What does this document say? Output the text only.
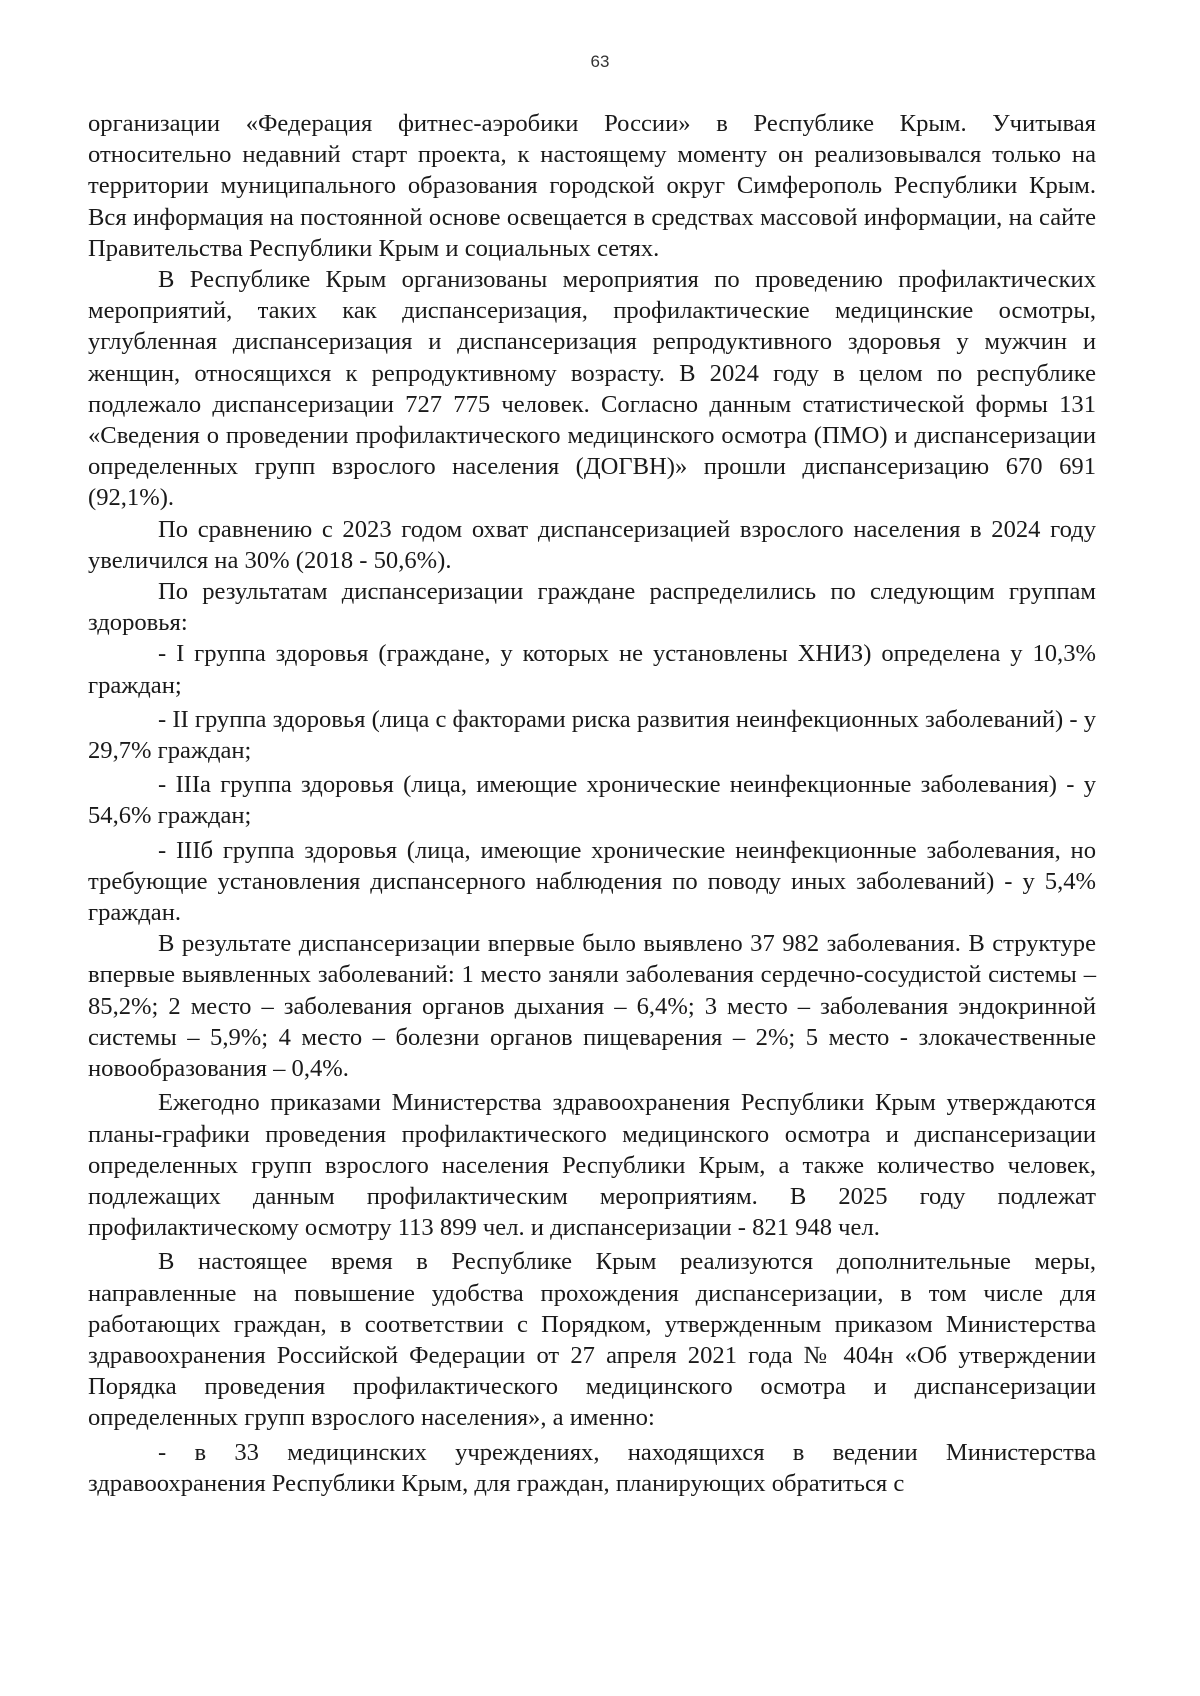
63

организации «Федерация фитнес-аэробики России» в Республике Крым. Учитывая относительно недавний старт проекта, к настоящему моменту он реализовывался только на территории муниципального образования городской округ Симферополь Республики Крым. Вся информация на постоянной основе освещается в средствах массовой информации, на сайте Правительства Республики Крым и социальных сетях.

В Республике Крым организованы мероприятия по проведению профилактических мероприятий, таких как диспансеризация, профилактические медицинские осмотры, углубленная диспансеризация и диспансеризация репродуктивного здоровья у мужчин и женщин, относящихся к репродуктивному возрасту. В 2024 году в целом по республике подлежало диспансеризации 727 775 человек. Согласно данным статистической формы 131 «Сведения о проведении профилактического медицинского осмотра (ПМО) и диспансеризации определенных групп взрослого населения (ДОГВН)» прошли диспансеризацию 670 691 (92,1%).

По сравнению с 2023 годом охват диспансеризацией взрослого населения в 2024 году увеличился на 30% (2018 - 50,6%).

По результатам диспансеризации граждане распределились по следующим группам здоровья:

- I группа здоровья (граждане, у которых не установлены ХНИЗ) определена у 10,3% граждан;

- II группа здоровья (лица с факторами риска развития неинфекционных заболеваний) - у 29,7% граждан;

- IIIа группа здоровья (лица, имеющие хронические неинфекционные заболевания) - у 54,6% граждан;

- IIIб группа здоровья (лица, имеющие хронические неинфекционные заболевания, но требующие установления диспансерного наблюдения по поводу иных заболеваний) - у 5,4% граждан.

В результате диспансеризации впервые было выявлено 37 982 заболевания. В структуре впервые выявленных заболеваний: 1 место заняли заболевания сердечно-сосудистой системы – 85,2%; 2 место – заболевания органов дыхания – 6,4%; 3 место – заболевания эндокринной системы – 5,9%; 4 место – болезни органов пищеварения – 2%; 5 место - злокачественные новообразования – 0,4%.

Ежегодно приказами Министерства здравоохранения Республики Крым утверждаются планы-графики проведения профилактического медицинского осмотра и диспансеризации определенных групп взрослого населения Республики Крым, а также количество человек, подлежащих данным профилактическим мероприятиям. В 2025 году подлежат профилактическому осмотру 113 899 чел. и диспансеризации - 821 948 чел.

В настоящее время в Республике Крым реализуются дополнительные меры, направленные на повышение удобства прохождения диспансеризации, в том числе для работающих граждан, в соответствии с Порядком, утвержденным приказом Министерства здравоохранения Российской Федерации от 27 апреля 2021 года № 404н «Об утверждении Порядка проведения профилактического медицинского осмотра и диспансеризации определенных групп взрослого населения», а именно:

- в 33 медицинских учреждениях, находящихся в ведении Министерства здравоохранения Республики Крым, для граждан, планирующих обратиться с
